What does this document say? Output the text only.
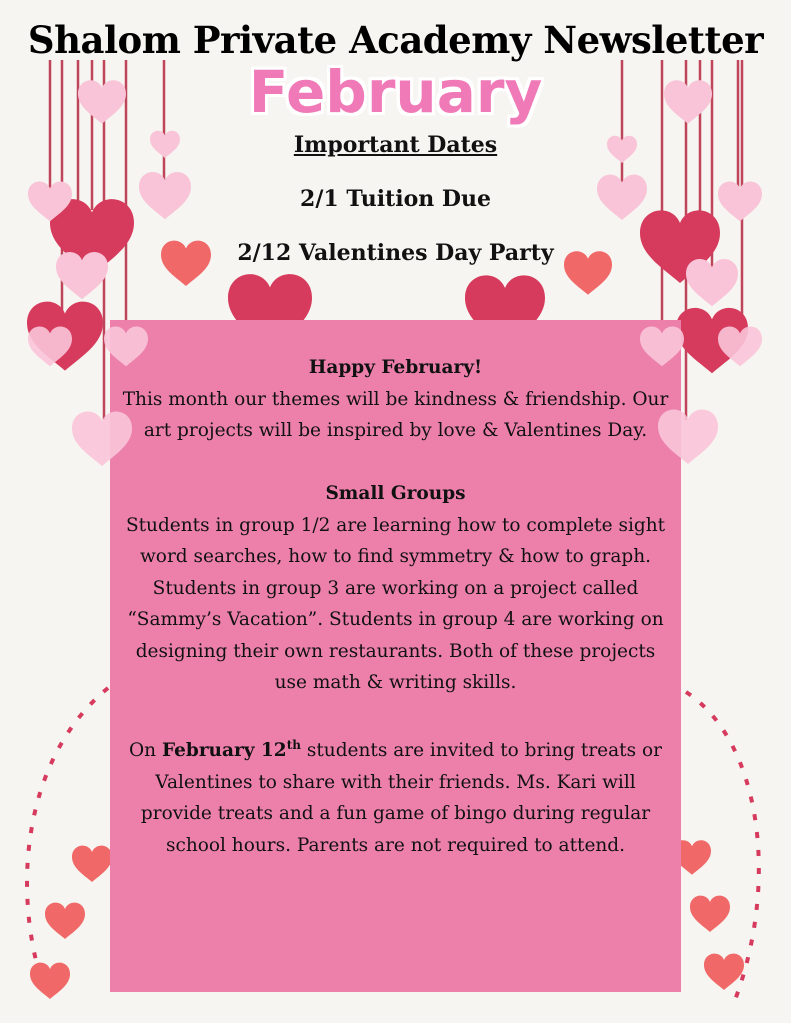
Shalom Private Academy Newsletter
February
Important Dates
2/1 Tuition Due
2/12 Valentines Day Party

Happy February!

This month our themes will be kindness & friendship. Our art projects will be inspired by love & Valentines Day.

Small Groups

Students in group 1/2 are learning how to complete sight word searches, how to find symmetry & how to graph.

Students in group 3 are working on a project called “Sammy’s Vacation”. Students in group 4 are working on designing their own restaurants. Both of these projects use math & writing skills.

On February 12th students are invited to bring treats or Valentines to share with their friends. Ms. Kari will provide treats and a fun game of bingo during regular school hours. Parents are not required to attend.
